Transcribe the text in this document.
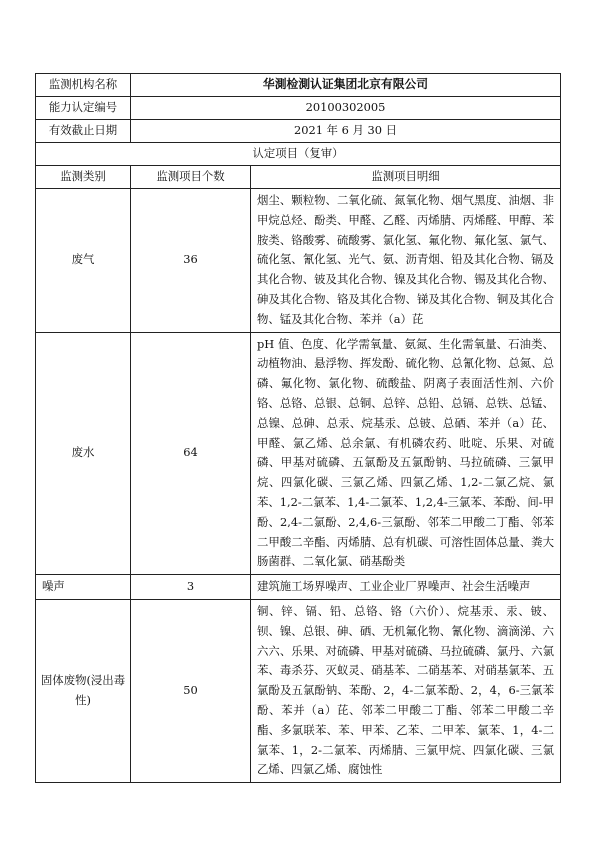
监测机构名称	华測检測认证集团北京有限公司	
能力认定编号	20100302005	
有效截止日期	2021 年 6 月 30 日	
认定项目（复审）		
监测类别	监测项目个数	监测项目明细
废气	36	烟尘、颗粒物、二氧化硫、氮氧化物、烟气黑度、油烟、非甲烷总烃、酚类、甲醛、乙醛、丙烯腈、丙烯醛、甲醇、苯胺类、铬酸雾、硫酸雾、氯化氢、氟化物、氟化氢、氯气、硫化氢、氰化氢、光气、氨、沥青烟、铅及其化合物、镉及其化合物、铍及其化合物、镍及其化合物、锡及其化合物、砷及其化合物、铬及其化合物、锑及其化合物、铜及其化合物、锰及其化合物、苯并（a）芘
废水	64	pH 值、色度、化学需氧量、氨氮、生化需氧量、石油类、动植物油、悬浮物、挥发酚、硫化物、总氰化物、总氮、总磷、氟化物、氯化物、硫酸盐、阴离子表面活性剂、六价铬、总铬、总银、总铜、总锌、总铅、总镉、总铁、总锰、总镍、总砷、总汞、烷基汞、总铍、总硒、苯并（a）芘、甲醛、氯乙烯、总余氯、有机磷农药、吡啶、乐果、对硫磷、甲基对硫磷、五氯酚及五氯酚钠、马拉硫磷、三氯甲烷、四氯化碳、三氯乙烯、四氯乙烯、1,2-二氯乙烷、氯苯、1,2-二氯苯、1,4-二氯苯、1,2,4-三氯苯、苯酚、间-甲酚、2,4-二氯酚、2,4,6-三氯酚、邻苯二甲酸二丁酯、邻苯二甲酸二辛酯、丙烯腈、总有机碳、可溶性固体总量、粪大肠菌群、二氧化氯、硝基酚类
噪声	3	建筑施工场界噪声、工业企业厂界噪声、社会生活噪声
固体废物(浸出毒性)	50	铜、锌、镉、铅、总铬、铬（六价）、烷基汞、汞、铍、钡、镍、总银、砷、硒、无机氟化物、氰化物、滴滴涕、六六六、乐果、对硫磷、甲基对硫磷、马拉硫磷、氯丹、六氯苯、毒杀芬、灭蚁灵、硝基苯、二硝基苯、对硝基氯苯、五氯酚及五氯酚钠、苯酚、2，4-二氯苯酚、2，4，6-三氯苯酚、苯并（a）芘、邻苯二甲酸二丁酯、邻苯二甲酸二辛酯、多氯联苯、苯、甲苯、乙苯、二甲苯、氯苯、1，4-二氯苯、1，2-二氯苯、丙烯腈、三氯甲烷、四氯化碳、三氯乙烯、四氯乙烯、腐蚀性
